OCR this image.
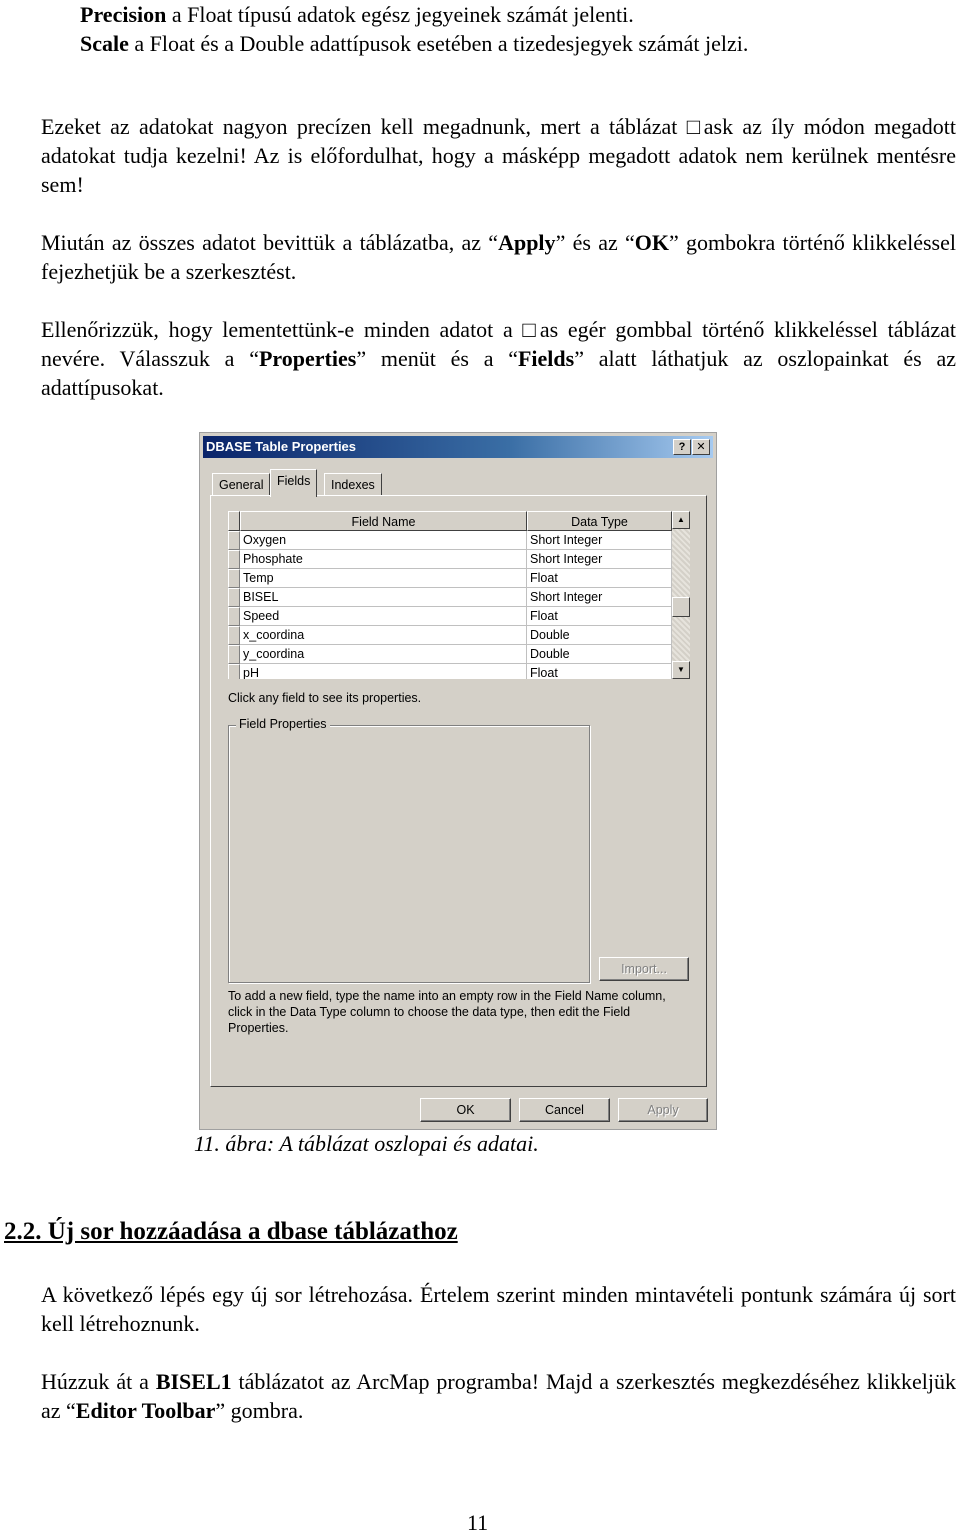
Precision a Float típusú adatok egész jegyeinek számát jelenti.
Scale a Float és a Double adattípusok esetében a tizedesjegyek számát jelzi.
Ezeket az adatokat nagyon precízen kell megadnunk, mert a táblázat □ask az íly módon megadott adatokat tudja kezelni! Az is előfordulhat, hogy a másképp megadott adatok nem kerülnek mentésre sem!
Miután az összes adatot bevittük a táblázatba, az “Apply” és az “OK” gombokra történő klikkeléssel fejezhetjük be a szerkesztést.
Ellenőrizzük, hogy lementettünk-e minden adatot a □as egér gombbal történő klikkeléssel táblázat nevére. Válasszuk a “Properties” menüt és a “Fields” alatt láthatjuk az oszlopainkat és az adattípusokat.
DBASE Table Properties	?	✕
General	Fields	Indexes
Field Name	Data Type
Oxygen	Short Integer
Phosphate	Short Integer
Temp	Float
BISEL	Short Integer
Speed	Float
x_coordina	Double
y_coordina	Double
pH	Float
▲
▼
Click any field to see its properties.
Field Properties
Import...
To add a new field, type the name into an empty row in the Field Name column, click in the Data Type column to choose the data type, then edit the Field Properties.
OK	Cancel	Apply
11. ábra: A táblázat oszlopai és adatai.
2.2. Új sor hozzáadása a dbase táblázathoz
A következő lépés egy új sor létrehozása. Értelem szerint minden mintavételi pontunk számára új sort kell létrehoznunk.
Húzzuk át a BISEL1 táblázatot az ArcMap programba! Majd a szerkesztés megkezdéséhez klikkeljük az “Editor Toolbar” gombra.
11
